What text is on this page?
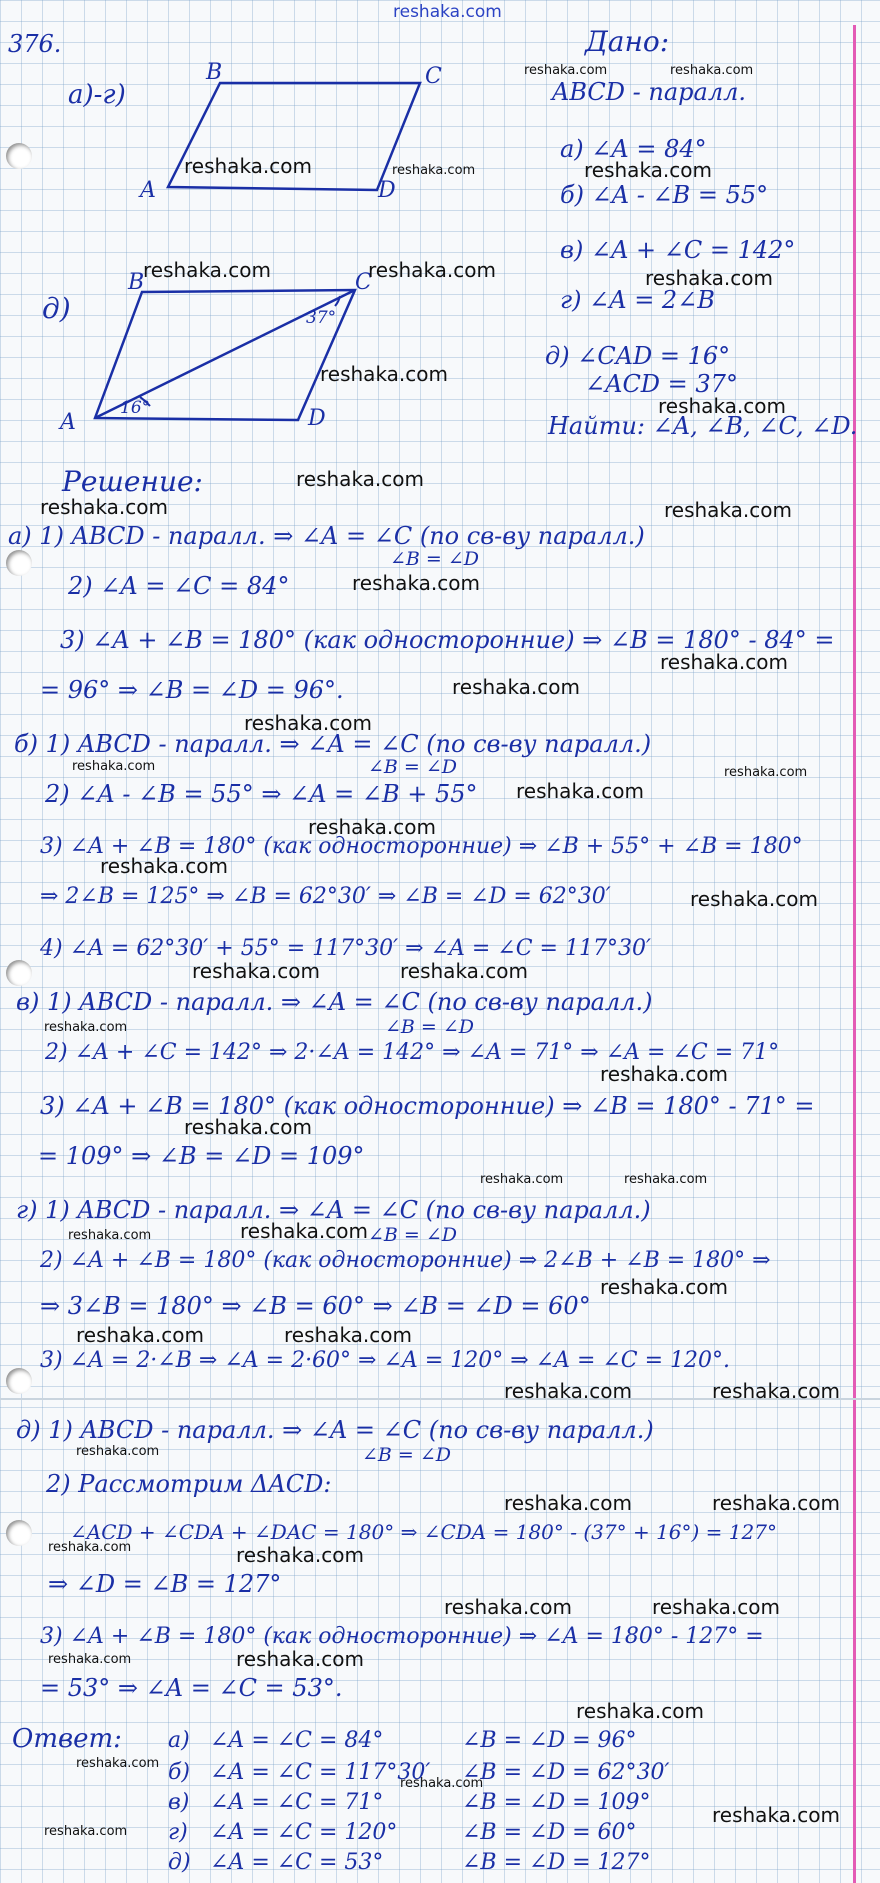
reshaka.com
376.
а)-г)
A
B	C
D
д)
A
B	C
D
37°
16°
Дано:
ABCD - паралл.
а) ∠A = 84°
б) ∠A - ∠B = 55°
в) ∠A + ∠C = 142°
г) ∠A = 2∠B
д) ∠CAD = 16°
∠ACD = 37°
Найти: ∠A, ∠B, ∠C, ∠D.
Решение:
а) 1) ABCD - паралл. ⇒ ∠A = ∠C (по св-ву паралл.)
∠B = ∠D
2) ∠A = ∠C = 84°
3) ∠A + ∠B = 180° (как односторонние) ⇒ ∠B = 180° - 84° =
= 96° ⇒ ∠B = ∠D = 96°.
б) 1) ABCD - паралл. ⇒ ∠A = ∠C (по св-ву паралл.)
∠B = ∠D
2) ∠A - ∠B = 55° ⇒ ∠A = ∠B + 55°
3) ∠A + ∠B = 180° (как односторонние) ⇒ ∠B + 55° + ∠B = 180°
⇒ 2∠B = 125° ⇒ ∠B = 62°30′ ⇒ ∠B = ∠D = 62°30′
4) ∠A = 62°30′ + 55° = 117°30′ ⇒ ∠A = ∠C = 117°30′
в) 1) ABCD - паралл. ⇒ ∠A = ∠C (по св-ву паралл.)
∠B = ∠D
2) ∠A + ∠C = 142° ⇒ 2·∠A = 142° ⇒ ∠A = 71° ⇒ ∠A = ∠C = 71°
3) ∠A + ∠B = 180° (как односторонние) ⇒ ∠B = 180° - 71° =
= 109° ⇒ ∠B = ∠D = 109°
г) 1) ABCD - паралл. ⇒ ∠A = ∠C (по св-ву паралл.)
∠B = ∠D
2) ∠A + ∠B = 180° (как односторонние) ⇒ 2∠B + ∠B = 180° ⇒
⇒ 3∠B = 180° ⇒ ∠B = 60° ⇒ ∠B = ∠D = 60°
3) ∠A = 2·∠B ⇒ ∠A = 2·60° ⇒ ∠A = 120° ⇒ ∠A = ∠C = 120°.
д) 1) ABCD - паралл. ⇒ ∠A = ∠C (по св-ву паралл.)
∠B = ∠D
2) Рассмотрим ΔACD:
∠ACD + ∠CDA + ∠DAC = 180° ⇒ ∠CDA = 180° - (37° + 16°) = 127°
⇒ ∠D = ∠B = 127°
3) ∠A + ∠B = 180° (как односторонние) ⇒ ∠A = 180° - 127° =
= 53° ⇒ ∠A = ∠C = 53°.
Ответ: а) ∠A = ∠C = 84°	∠B = ∠D = 96°
б) ∠A = ∠C = 117°30′ ∠B = ∠D = 62°30′
в) ∠A = ∠C = 71°	∠B = ∠D = 109°
г) ∠A = ∠C = 120°	∠B = ∠D = 60°
д) ∠A = ∠C = 53°	∠B = ∠D = 127°
reshaka.com	reshaka.com
reshaka.com	reshaka.com	reshaka.com
reshaka.com	reshaka.com	reshaka.com
reshaka.com
reshaka.com
reshaka.com
reshaka.com	reshaka.com
reshaka.com
reshaka.com
reshaka.com
reshaka.com
reshaka.com	reshaka.com
reshaka.com
reshaka.com
reshaka.com
reshaka.com
reshaka.com	reshaka.com
reshaka.com
reshaka.com
reshaka.com
reshaka.com	reshaka.com
reshaka.com	reshaka.com
reshaka.com
reshaka.com	reshaka.com
reshaka.com	reshaka.com
reshaka.com
reshaka.com	reshaka.com
reshaka.com
reshaka.com
reshaka.com	reshaka.com
reshaka.com	reshaka.com
reshaka.com
reshaka.com
reshaka.com
reshaka.com
reshaka.com
